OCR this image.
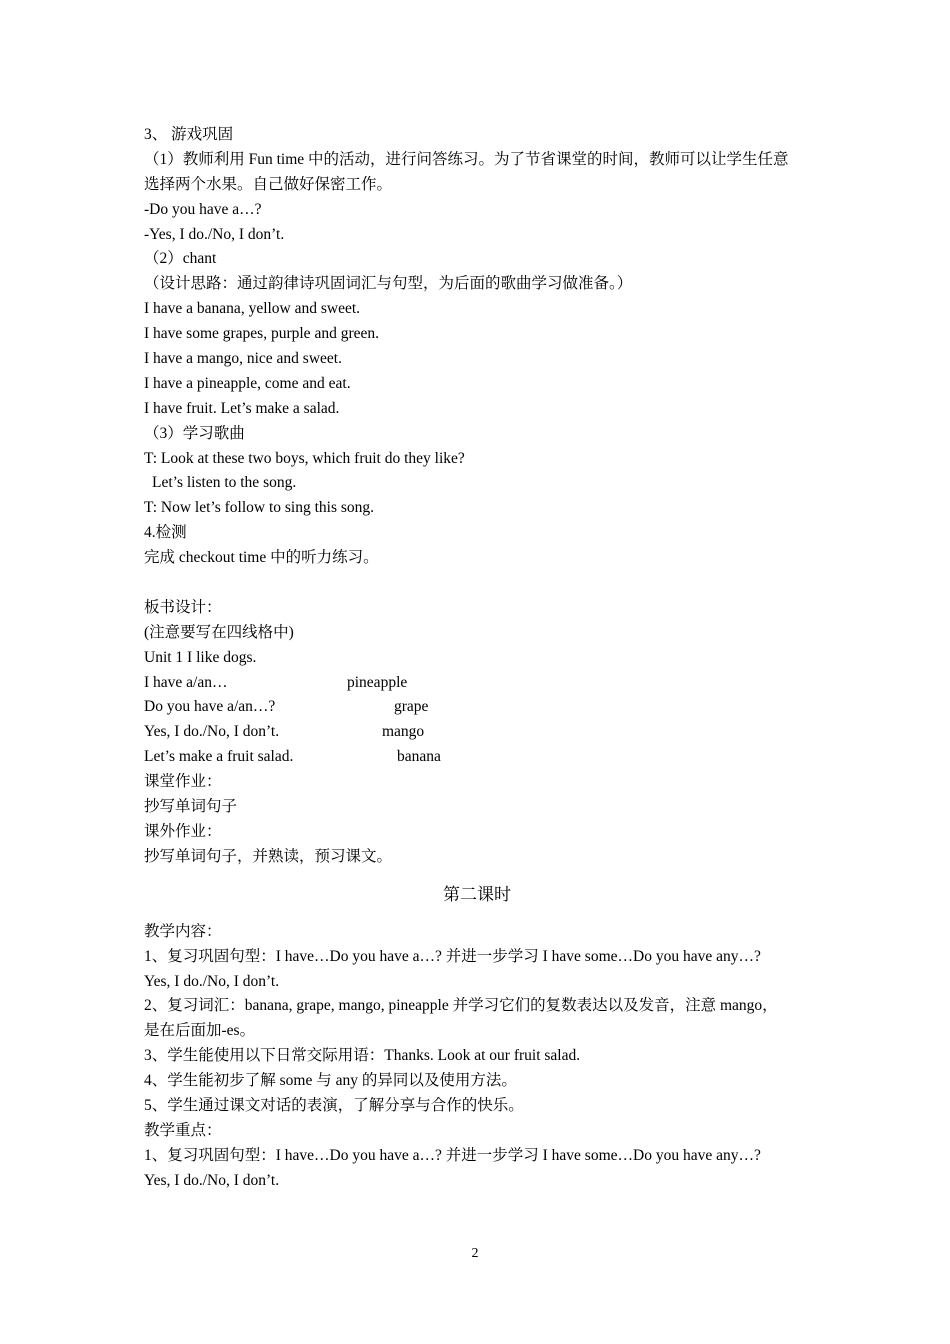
3、 游戏巩固
（1）教师利用 Fun time 中的活动，进行问答练习。为了节省课堂的时间，教师可以让学生任意
选择两个水果。自己做好保密工作。
-Do you have a…?
-Yes, I do./No, I don’t.
（2）chant
（设计思路：通过韵律诗巩固词汇与句型，为后面的歌曲学习做准备。）
I have a banana, yellow and sweet.
I have some grapes, purple and green.
I have a mango, nice and sweet.
I have a pineapple, come and eat.
I have fruit. Let’s make a salad.
（3）学习歌曲
T: Look at these two boys, which fruit do they like?
Let’s listen to the song.
T: Now let’s follow to sing this song.
4.检测
完成 checkout time 中的听力练习。
板书设计：
(注意要写在四线格中)
Unit 1 I like dogs.
I have a/an…	pineapple
Do you have a/an…?	grape
Yes, I do./No, I don’t.	mango
Let’s make a fruit salad.	banana
课堂作业：
抄写单词句子
课外作业：
抄写单词句子，并熟读，预习课文。
第二课时
教学内容：
1、复习巩固句型：I have…Do you have a…? 并进一步学习 I have some…Do you have any…?
Yes, I do./No, I don’t.
2、复习词汇：banana, grape, mango, pineapple 并学习它们的复数表达以及发音，注意 mango，
是在后面加-es。
3、学生能使用以下日常交际用语：Thanks. Look at our fruit salad.
4、学生能初步了解 some 与 any 的异同以及使用方法。
5、学生通过课文对话的表演，了解分享与合作的快乐。
教学重点：
1、复习巩固句型：I have…Do you have a…? 并进一步学习 I have some…Do you have any…?
Yes, I do./No, I don’t.
2
